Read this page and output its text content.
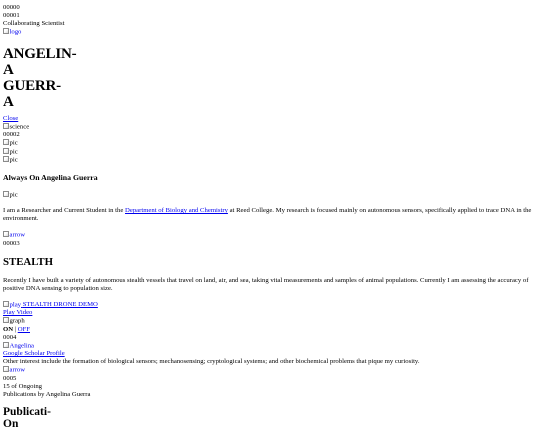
00000
00001
Collaborating Scientist
logo
ANGELIN-
A
GUERR-
A
Close
science
00002
pic
pic
pic
Always On Angelina Guerra
pic

I am a Researcher and Current Student in the Department of Biology and Chemistry at Reed College. My research is focused mainly on autonomous sensors, specifically applied to trace DNA in the environment.

arrow
00003
STEALTH

Recently I have built a variety of autonomous stealth vessels that travel on land, air, and sea, taking vital measurements and samples of animal populations. Currently I am assessing the accuracy of positive DNA sensing to population size.

play STEALTH DRONE DEMO
Play Video
graph
ON | OFF
0004
Angelina
Google Scholar Profile
Other interest include the formation of biological sensors; mechanosensing; cryptological systems; and other biochemical problems that pique my curiosity.
arrow
0005
15 of Ongoing
Publications by Angelina Guerra
Publicati-
On
